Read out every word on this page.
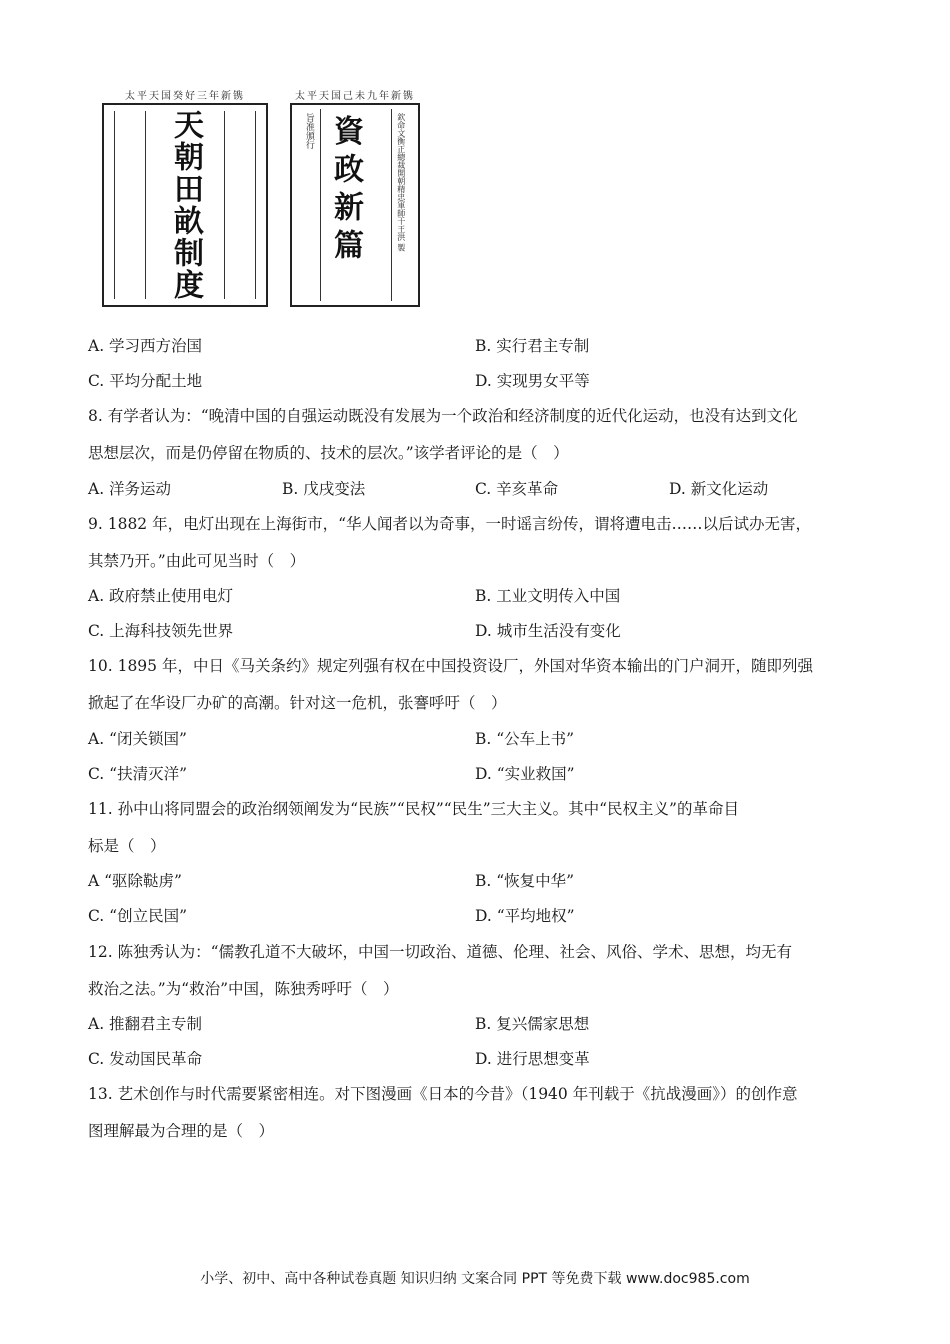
太平天国癸好三年新镌
天朝田畝制度
太平天国己未九年新镌
旨准頒行 資政新篇	欽命文衡正總裁開朝精忠軍師干王洪 製
A. 学习西方治国	B. 实行君主专制
C. 平均分配土地	D. 实现男女平等
8. 有学者认为：“晚清中国的自强运动既没有发展为一个政治和经济制度的近代化运动，也没有达到文化
思想层次，而是仍停留在物质的、技术的层次。”该学者评论的是（　）
A. 洋务运动	B. 戊戌变法	C. 辛亥革命	D. 新文化运动
9. 1882 年，电灯出现在上海街市，“华人闻者以为奇事，一时谣言纷传，谓将遭电击……以后试办无害，
其禁乃开。”由此可见当时（　）
A. 政府禁止使用电灯	B. 工业文明传入中国
C. 上海科技领先世界	D. 城市生活没有变化
10. 1895 年，中日《马关条约》规定列强有权在中国投资设厂，外国对华资本输出的门户洞开，随即列强
掀起了在华设厂办矿的高潮。针对这一危机，张謇呼吁（　）
A. “闭关锁国”	B. “公车上书”
C. “扶清灭洋”	D. “实业救国”
11. 孙中山将同盟会的政治纲领阐发为“民族”“民权”“民生”三大主义。其中“民权主义”的革命目
标是（　）
A “驱除鞑虏”	B. “恢复中华”
C. “创立民国”	D. “平均地权”
12. 陈独秀认为：“儒教孔道不大破坏，中国一切政治、道德、伦理、社会、风俗、学术、思想，均无有
救治之法。”为“救治”中国，陈独秀呼吁（　）
A. 推翻君主专制	B. 复兴儒家思想
C. 发动国民革命	D. 进行思想变革
13. 艺术创作与时代需要紧密相连。对下图漫画《日本的今昔》（1940 年刊载于《抗战漫画》）的创作意
图理解最为合理的是（　）
小学、初中、高中各种试卷真题 知识归纳 文案合同 PPT 等免费下载 www.doc985.com
